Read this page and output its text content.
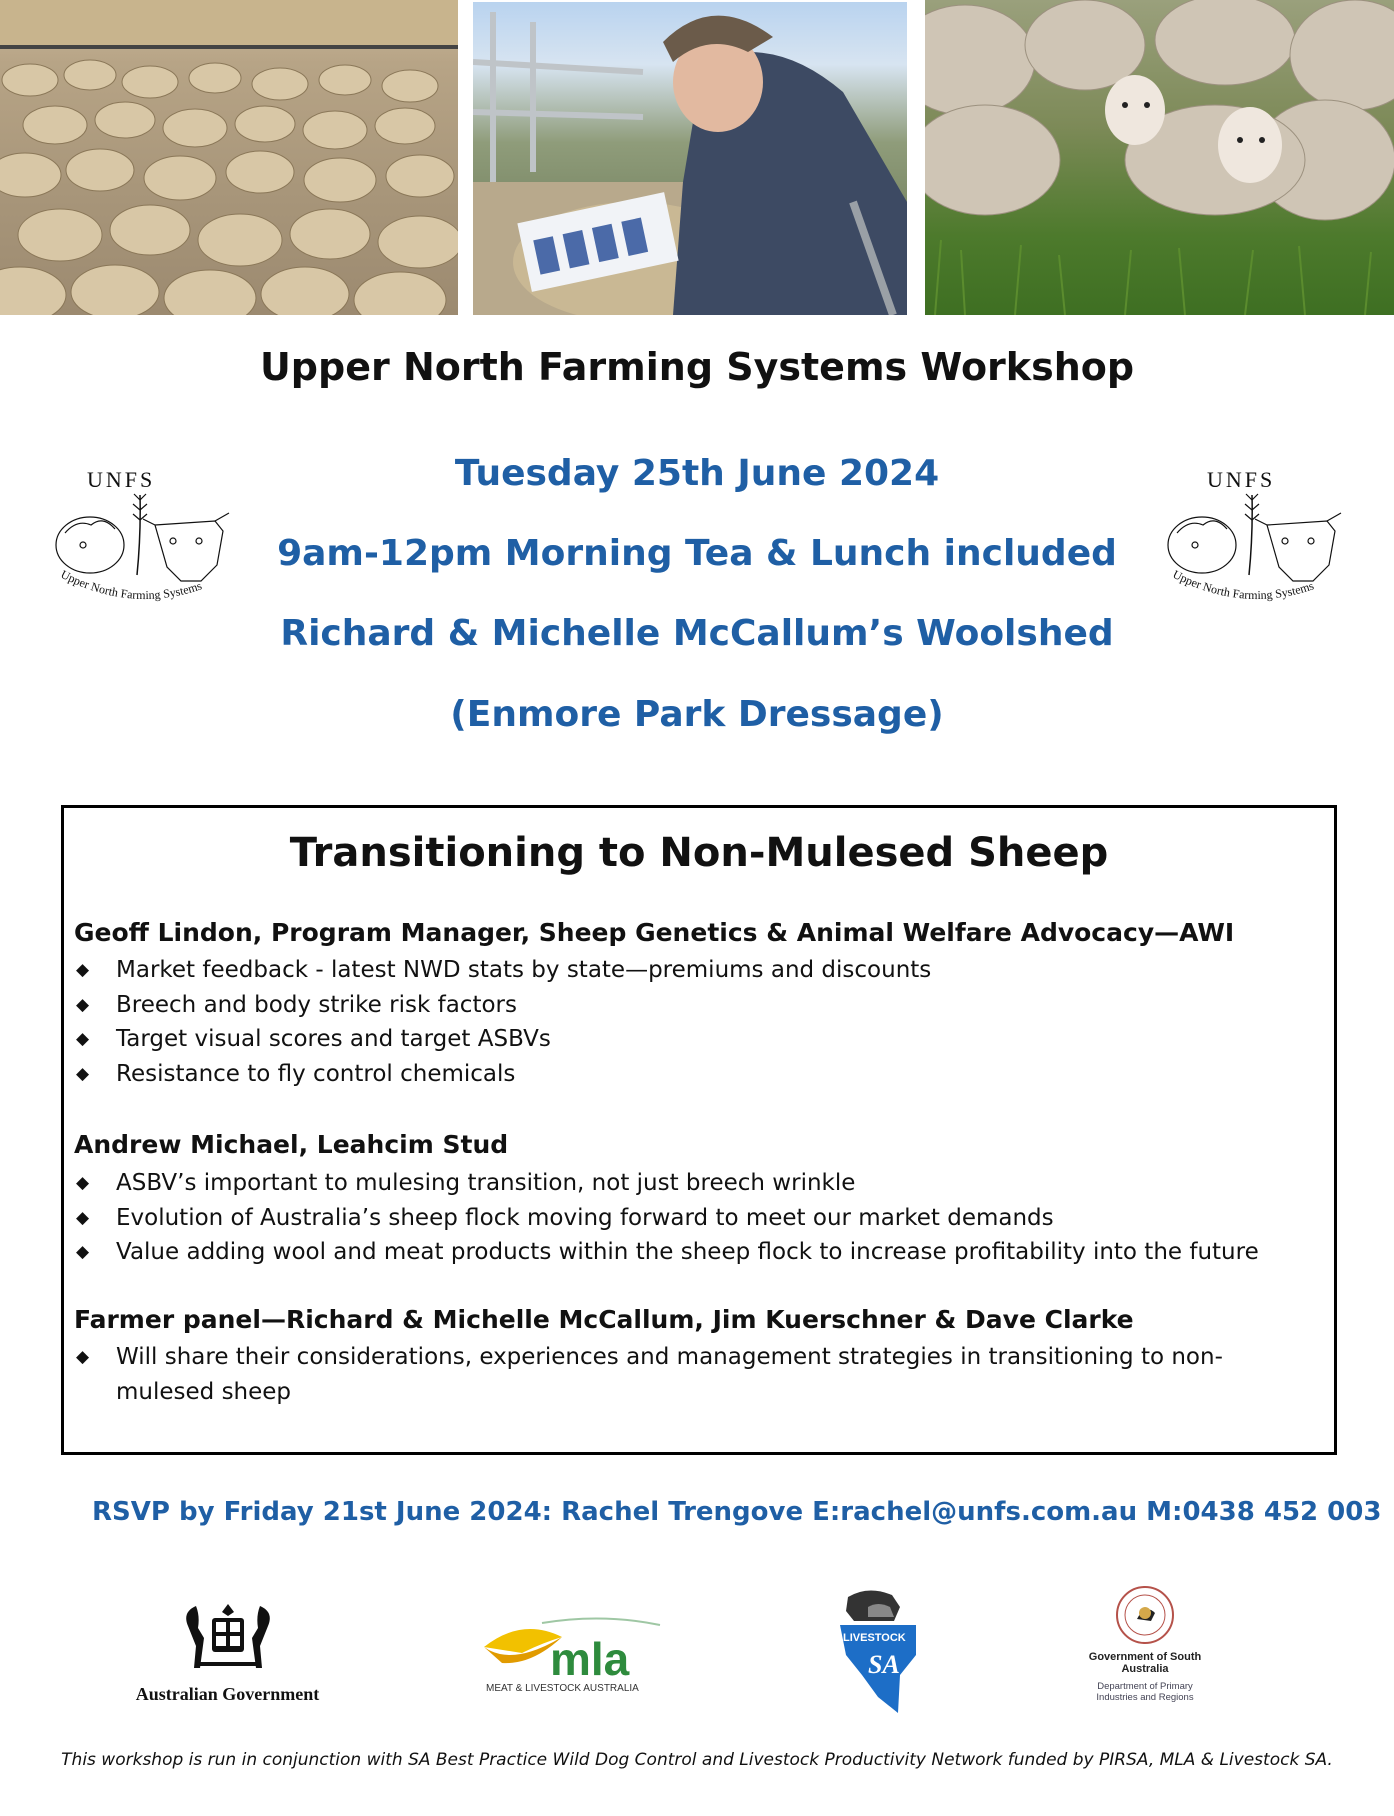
Upper North Farming Systems Workshop
Tuesday 25th June 2024
9am-12pm Morning Tea & Lunch included
Richard & Michelle McCallum’s Woolshed
(Enmore Park Dressage)
UNFS
Upper North Farming Systems
UNFS
Upper North Farming Systems
Transitioning to Non-Mulesed Sheep
Geoff Lindon, Program Manager, Sheep Genetics & Animal Welfare Advocacy—AWI
◆ Market feedback - latest NWD stats by state—premiums and discounts
◆ Breech and body strike risk factors
◆ Target visual scores and target ASBVs
◆ Resistance to fly control chemicals
Andrew Michael, Leahcim Stud
◆ ASBV’s important to mulesing transition, not just breech wrinkle
◆ Evolution of Australia’s sheep flock moving forward to meet our market demands
◆ Value adding wool and meat products within the sheep flock to increase profitability into the future
Farmer panel—Richard & Michelle McCallum, Jim Kuerschner & Dave Clarke
◆ Will share their considerations, experiences and management strategies in transitioning to non-mulesed sheep
RSVP by Friday 21st June 2024: Rachel Trengove E:rachel@unfs.com.au M:0438 452 003
Australian Government
mla
MEAT & LIVESTOCK AUSTRALIA
LIVESTOCK
SA	Government of South Australia
Department of Primary Industries and Regions
This workshop is run in conjunction with SA Best Practice Wild Dog Control and Livestock Productivity Network funded by PIRSA, MLA & Livestock SA.
